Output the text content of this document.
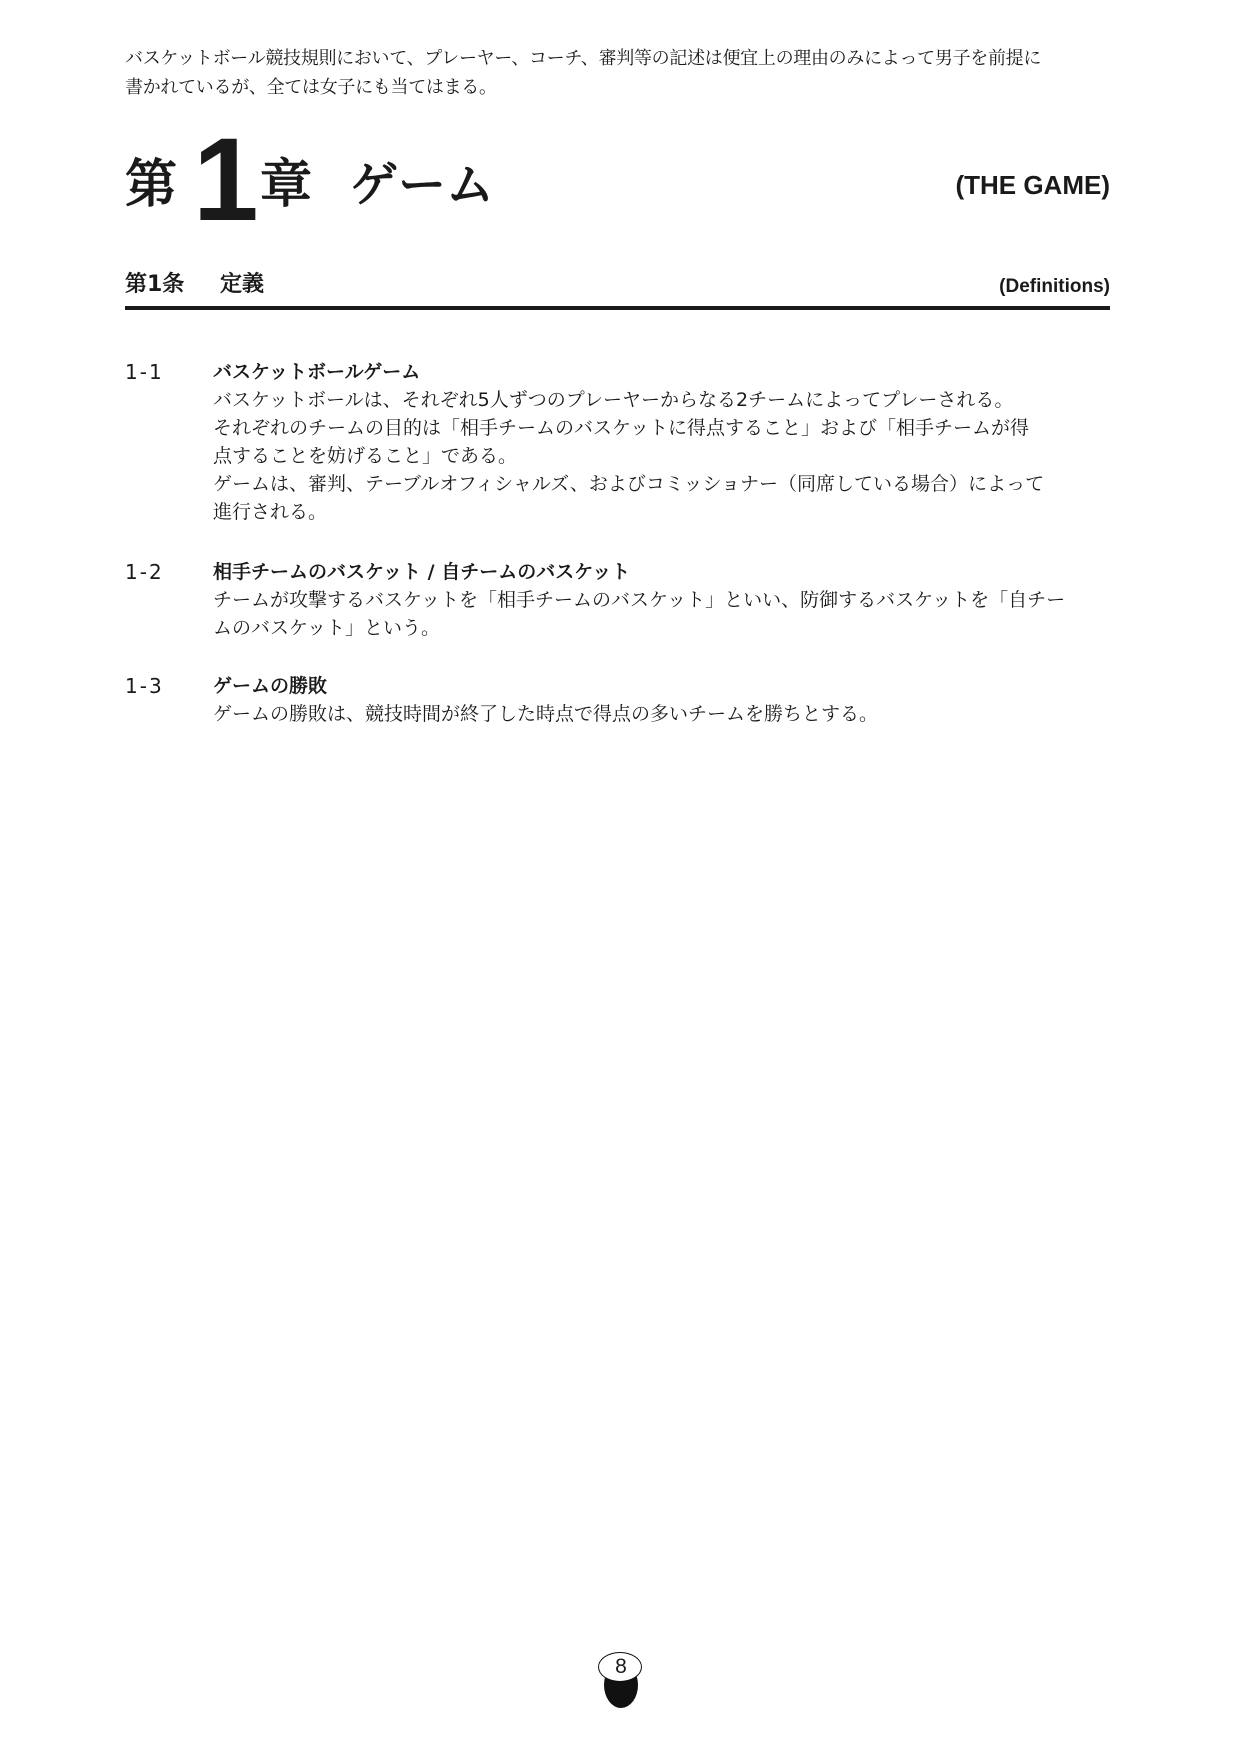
バスケットボール競技規則において、プレーヤー、コーチ、審判等の記述は便宜上の理由のみによって男子を前提に
書かれているが、全ては女子にも当てはまる。
第 1 章 ゲーム	(THE GAME)
第1条 定義	(Definitions)
1-1	バスケットボールゲーム

バスケットボールは、それぞれ5人ずつのプレーヤーからなる2チームによってプレーされる。

それぞれのチームの目的は「相手チームのバスケットに得点すること」および「相手チームが得

点することを妨げること」である。

ゲームは、審判、テーブルオフィシャルズ、およびコミッショナー（同席している場合）によって

進行される。

1-2	相手チームのバスケット / 自チームのバスケット

チームが攻撃するバスケットを「相手チームのバスケット」といい、防御するバスケットを「自チー

ムのバスケット」という。

1-3	ゲームの勝敗

ゲームの勝敗は、競技時間が終了した時点で得点の多いチームを勝ちとする。

8
